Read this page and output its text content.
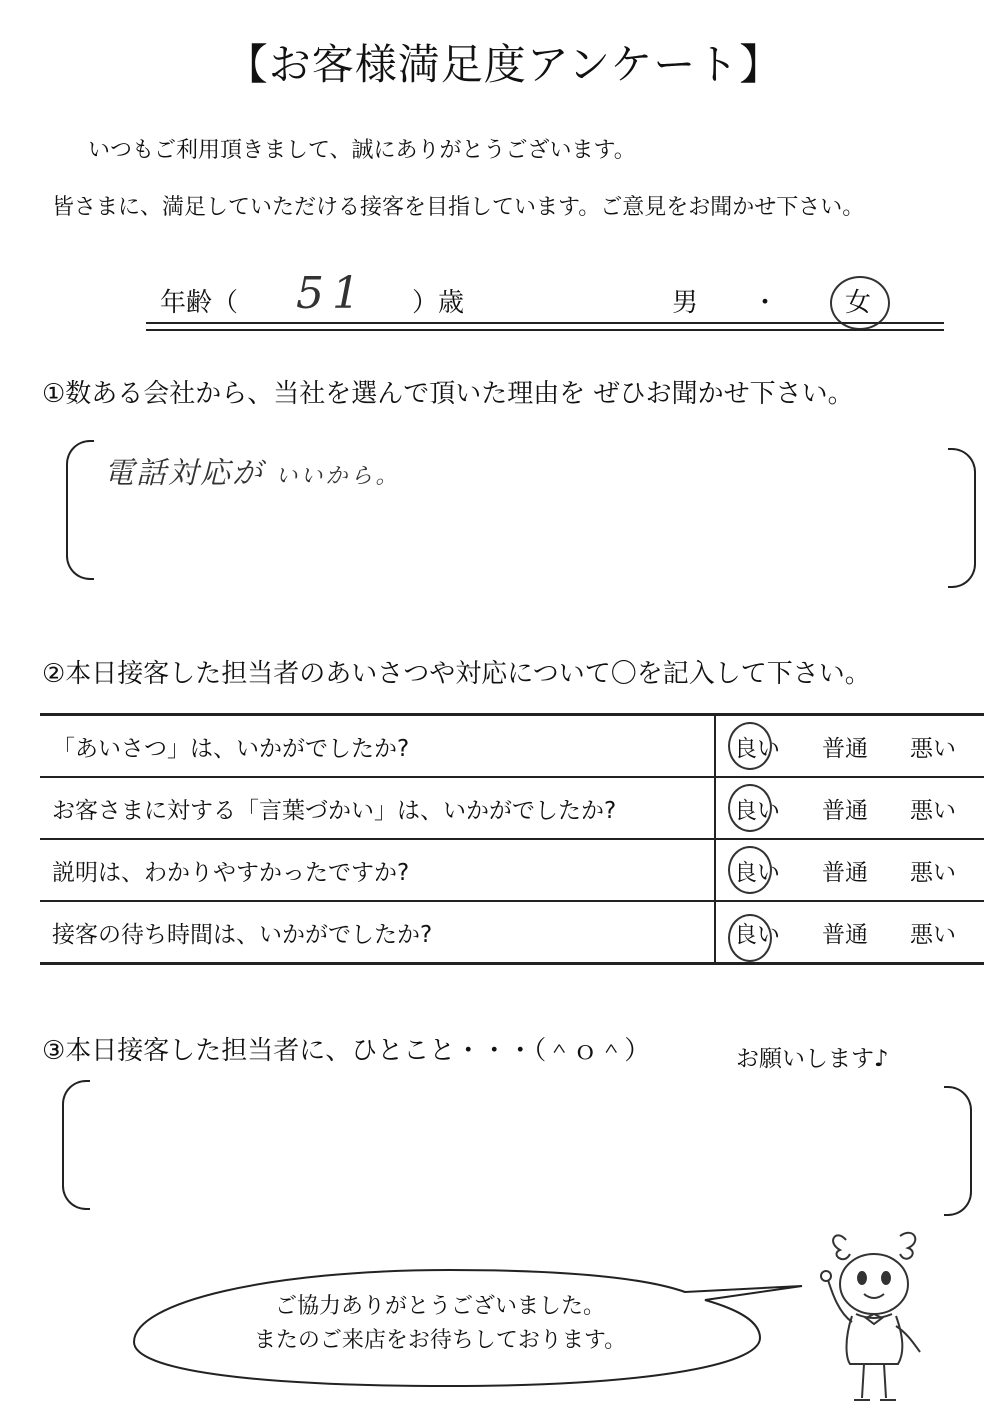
【お客様満足度アンケート】
いつもご利用頂きまして、誠にありがとうございます。
皆さまに、満足していただける接客を目指しています。ご意見をお聞かせ下さい。
年齢（ 51 ）歳	男 ・	女
①数ある会社から、当社を選んで頂いた理由を ぜひお聞かせ下さい。
電話対応が いいから。
②本日接客した担当者のあいさつや対応について〇を記入して下さい。
「あいさつ」は、いかがでしたか?	良い 普通 悪い

お客さまに対する「言葉づかい」は、いかがでしたか?	良い 普通 悪い

説明は、わかりやすかったですか?	良い 普通 悪い

接客の待ち時間は、いかがでしたか?	良い 普通 悪い
③本日接客した担当者に、ひとこと・・・（＾ｏ＾）	お願いします♪
ご協力ありがとうございました。
またのご来店をお待ちしております。
